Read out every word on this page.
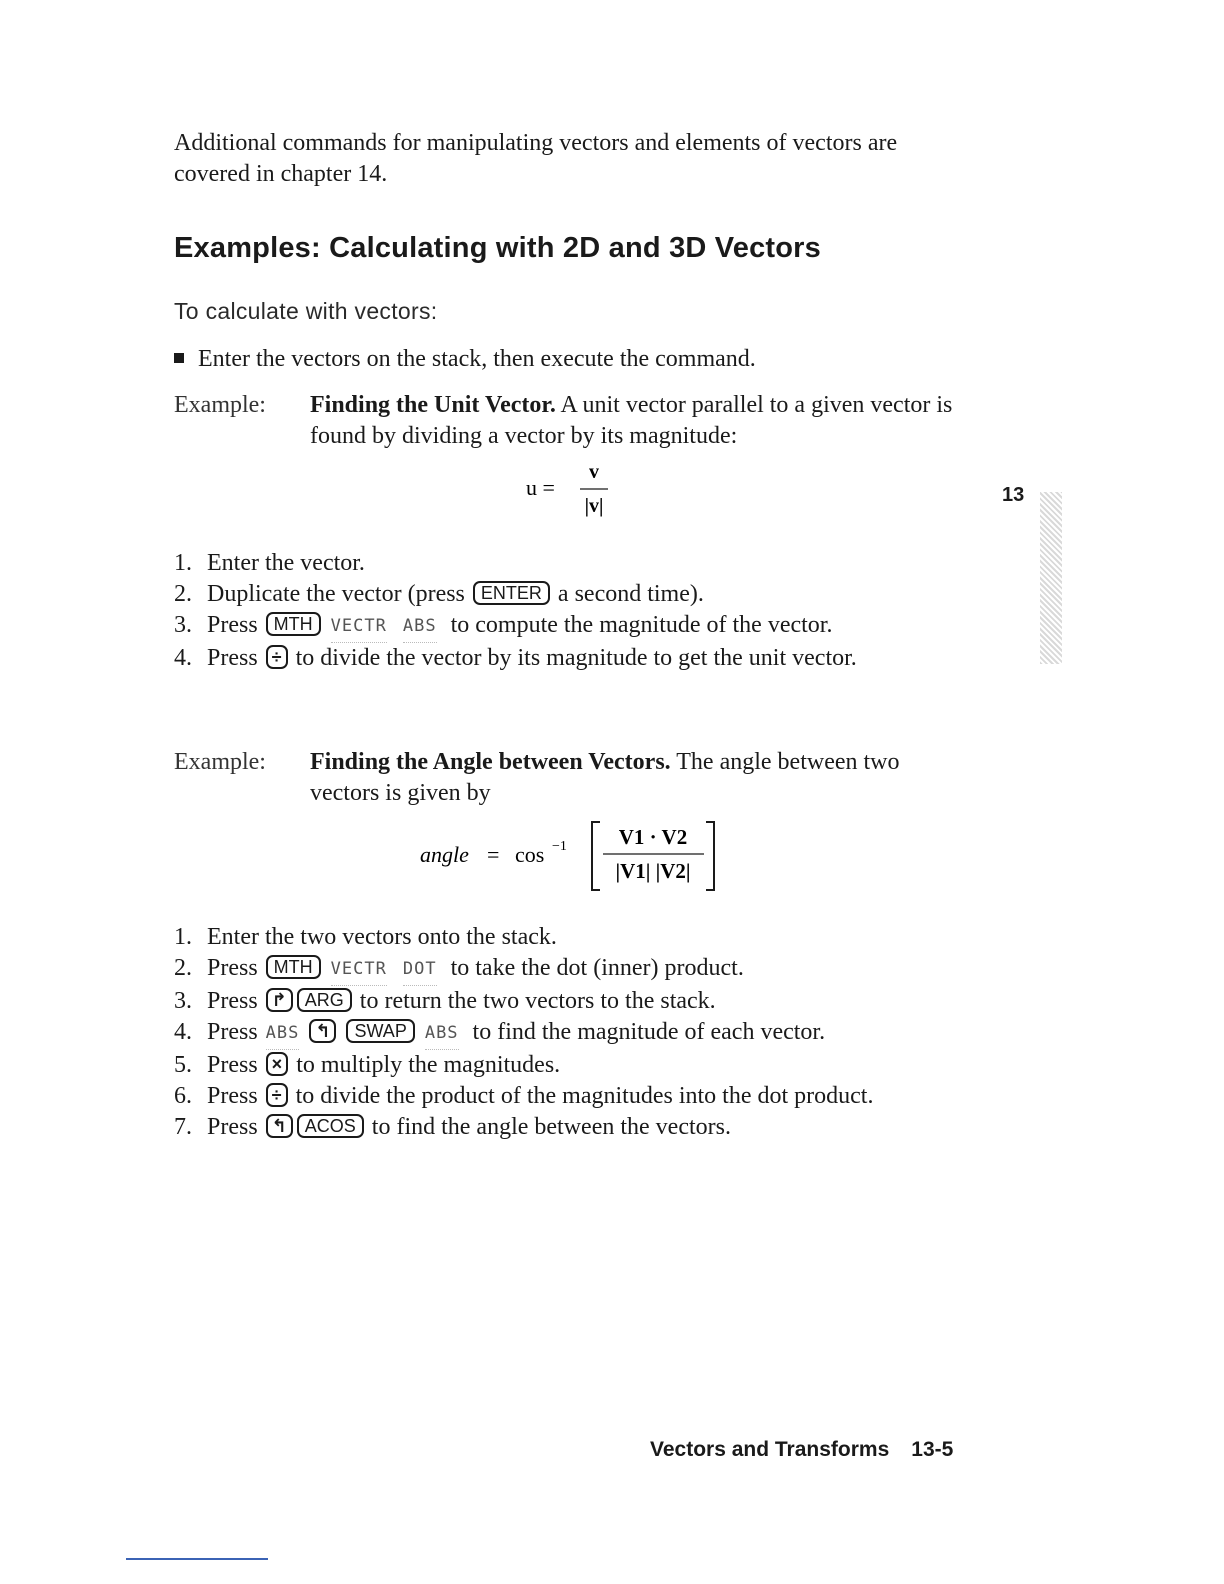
Additional commands for manipulating vectors and elements of vectors are covered in chapter 14.

Examples: Calculating with 2D and 3D Vectors
To calculate with vectors:
Enter the vectors on the stack, then execute the command.
Example: Finding the Unit Vector. A unit vector parallel to a given vector is found by dividing a vector by its magnitude:
u =
v
|v|
1. Enter the vector.
2. Duplicate the vector (press ENTER a second time).
3. Press MTH VECTR ABS to compute the magnitude of the vector.
4. Press ÷ to divide the vector by its magnitude to get the unit vector.
Example: Finding the Angle between Vectors. The angle between two vectors is given by
angle = cos −1 V1 · V2
|V1| |V2|
1. Enter the two vectors onto the stack.
2. Press MTH VECTR DOT to take the dot (inner) product.
3. Press ↱ ARG to return the two vectors to the stack.
4. Press ABS ↰ SWAP ABS to find the magnitude of each vector.
5. Press × to multiply the magnitudes.
6. Press ÷ to divide the product of the magnitudes into the dot product.
7. Press ↰ ACOS to find the angle between the vectors.
13
Vectors and Transforms 13-5
